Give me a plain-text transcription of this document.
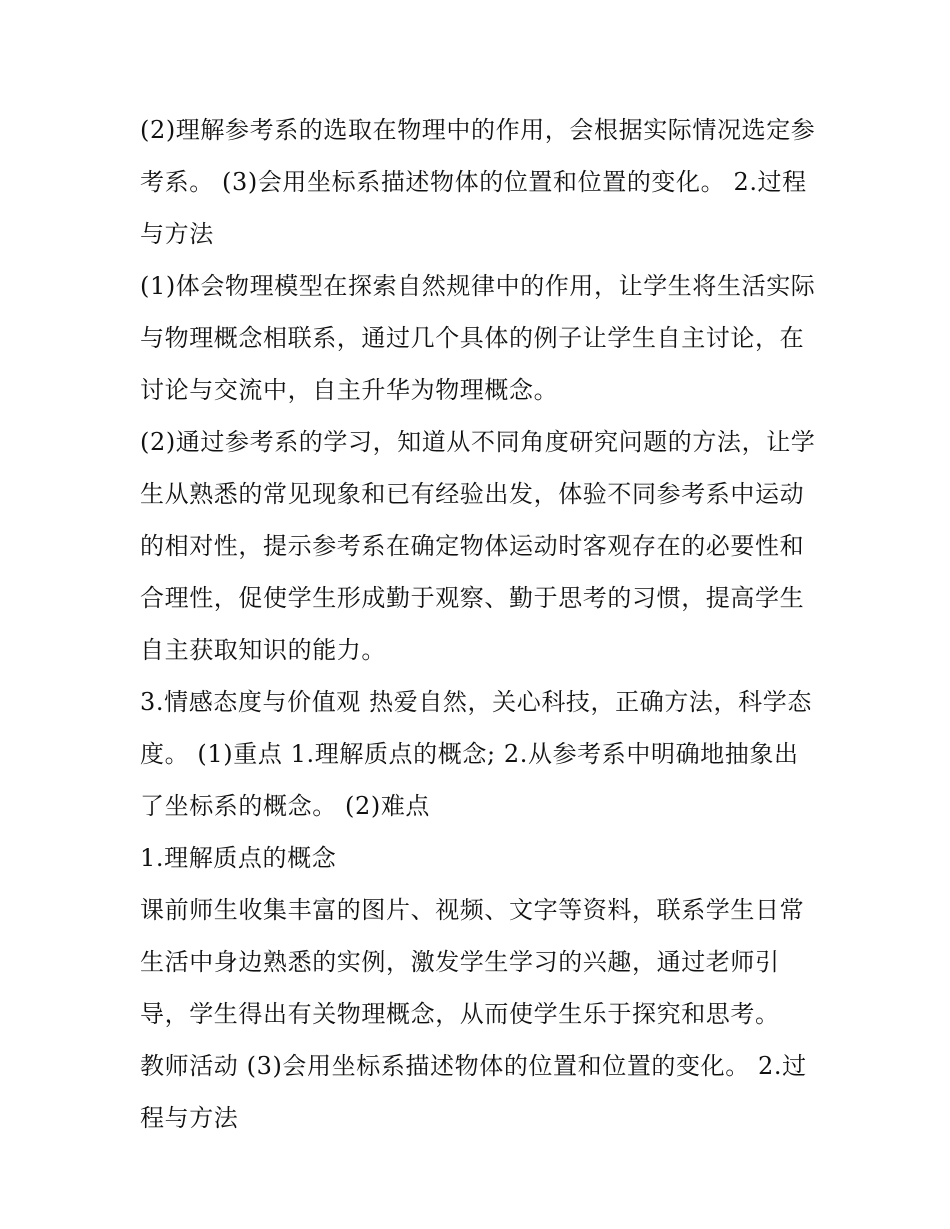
(2)理解参考系的选取在物理中的作用，会根据实际情况选定参考系。 (3)会用坐标系描述物体的位置和位置的变化。 2.过程与方法

(1)体会物理模型在探索自然规律中的作用，让学生将生活实际与物理概念相联系，通过几个具体的例子让学生自主讨论，在讨论与交流中，自主升华为物理概念。

(2)通过参考系的学习，知道从不同角度研究问题的方法，让学生从熟悉的常见现象和已有经验出发，体验不同参考系中运动的相对性，提示参考系在确定物体运动时客观存在的必要性和合理性，促使学生形成勤于观察、勤于思考的习惯，提高学生自主获取知识的能力。

3.情感态度与价值观 热爱自然，关心科技，正确方法，科学态度。 (1)重点 1.理解质点的概念; 2.从参考系中明确地抽象出了坐标系的概念。 (2)难点

1.理解质点的概念

课前师生收集丰富的图片、视频、文字等资料，联系学生日常生活中身边熟悉的实例，激发学生学习的兴趣，通过老师引导，学生得出有关物理概念，从而使学生乐于探究和思考。

教师活动 (3)会用坐标系描述物体的位置和位置的变化。 2.过程与方法
